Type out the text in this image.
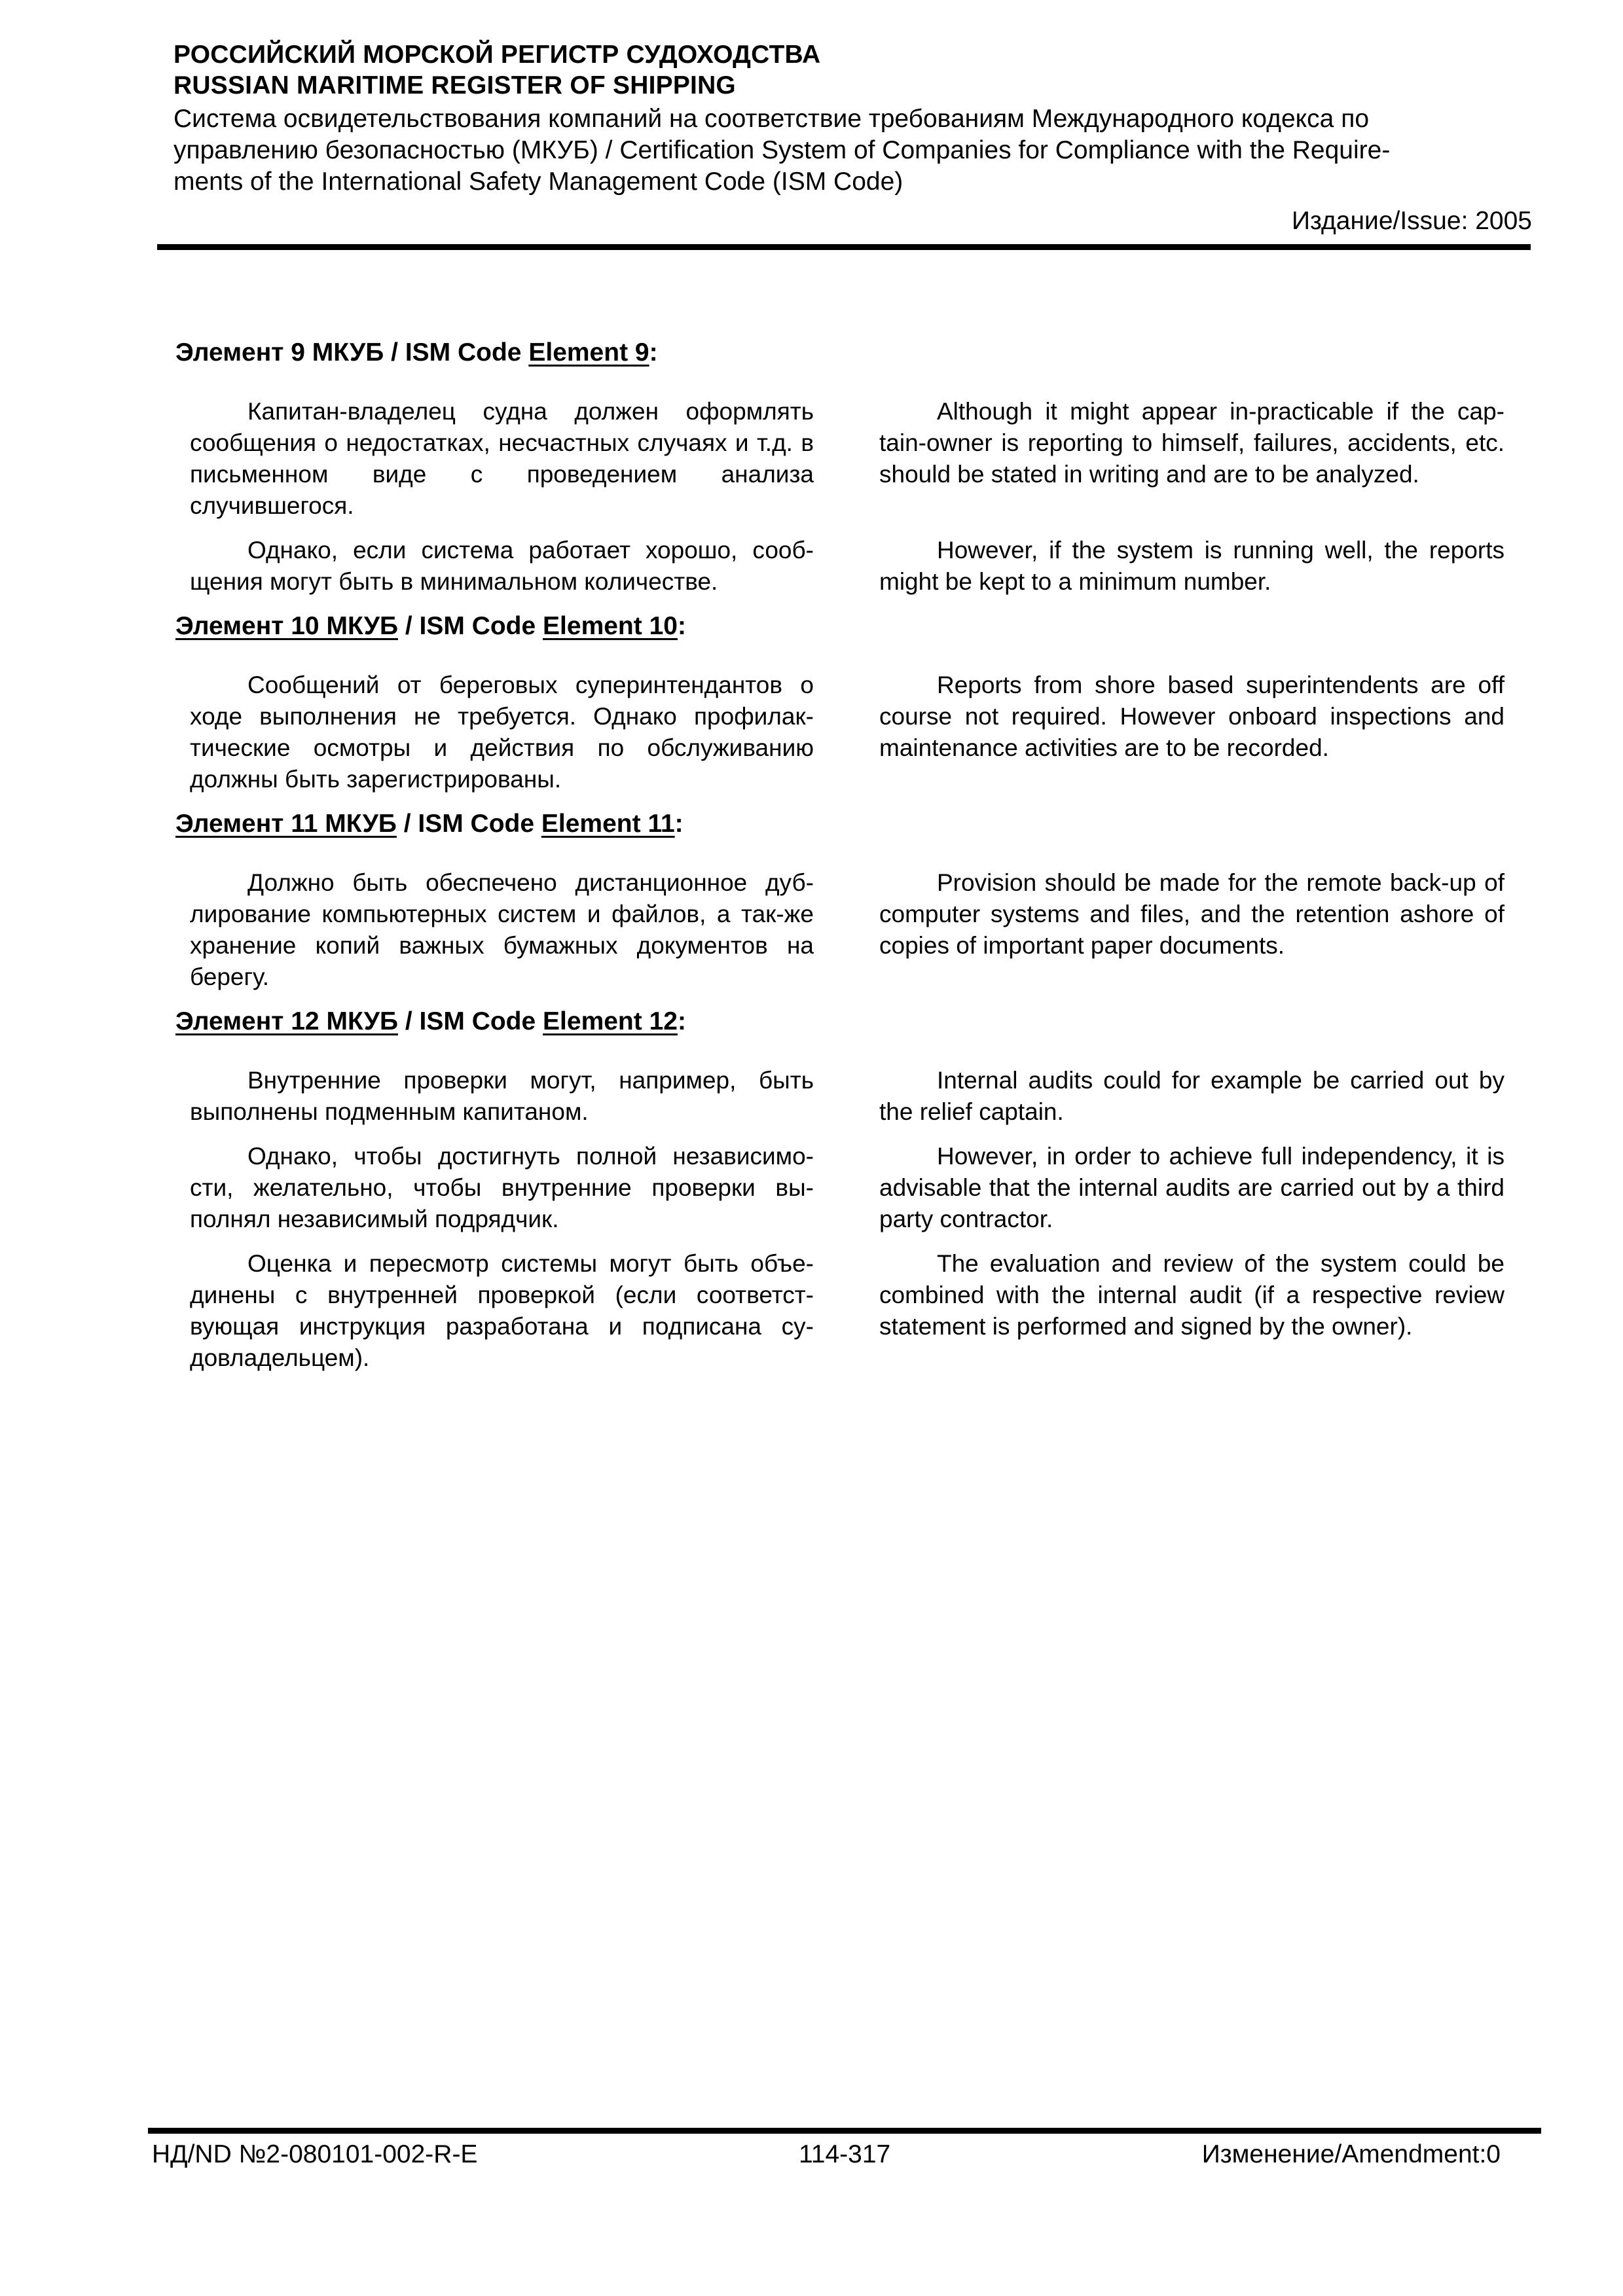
РОССИЙСКИЙ МОРСКОЙ РЕГИСТР СУДОХОДСТВА
RUSSIAN MARITIME REGISTER OF SHIPPING
Система освидетельствования компаний на соответствие требованиям Международного кодекса по
управлению безопасностью (МКУБ) / Certification System of Companies for Compliance with the Require-
ments of the International Safety Management Code (ISM Code)
Издание/Issue: 2005
Элемент 9 МКУБ / ISM Code Element 9:
Капитан-владелец судна должен оформлять сообщения о недостатках, несчастных случаях и т.д. в письменном виде с проведением анализа случившегося.
Although it might appear in-practicable if the cap-tain-owner is reporting to himself, failures, accidents, etc. should be stated in writing and are to be analyzed.
Однако, если система работает хорошо, сооб-щения могут быть в минимальном количестве.
However, if the system is running well, the reports might be kept to a minimum number.
Элемент 10 МКУБ / ISM Code Element 10:
Сообщений от береговых суперинтендантов о ходе выполнения не требуется. Однако профилак-тические осмотры и действия по обслуживанию должны быть зарегистрированы.
Reports from shore based superintendents are off course not required. However onboard inspections and maintenance activities are to be recorded.
Элемент 11 МКУБ / ISM Code Element 11:
Должно быть обеспечено дистанционное дуб-лирование компьютерных систем и файлов, а так-же хранение копий важных бумажных документов на берегу.
Provision should be made for the remote back-up of computer systems and files, and the retention ashore of copies of important paper documents.
Элемент 12 МКУБ / ISM Code Element 12:
Внутренние проверки могут, например, быть выполнены подменным капитаном.
Internal audits could for example be carried out by the relief captain.
Однако, чтобы достигнуть полной независимо-сти, желательно, чтобы внутренние проверки вы-полнял независимый подрядчик.
However, in order to achieve full independency, it is advisable that the internal audits are carried out by a third party contractor.
Оценка и пересмотр системы могут быть объе-динены с внутренней проверкой (если соответст-вующая инструкция разработана и подписана су-довладельцем).
The evaluation and review of the system could be combined with the internal audit (if a respective review statement is performed and signed by the owner).
НД/ND №2-080101-002-R-E	114-317	Изменение/Amendment:0
